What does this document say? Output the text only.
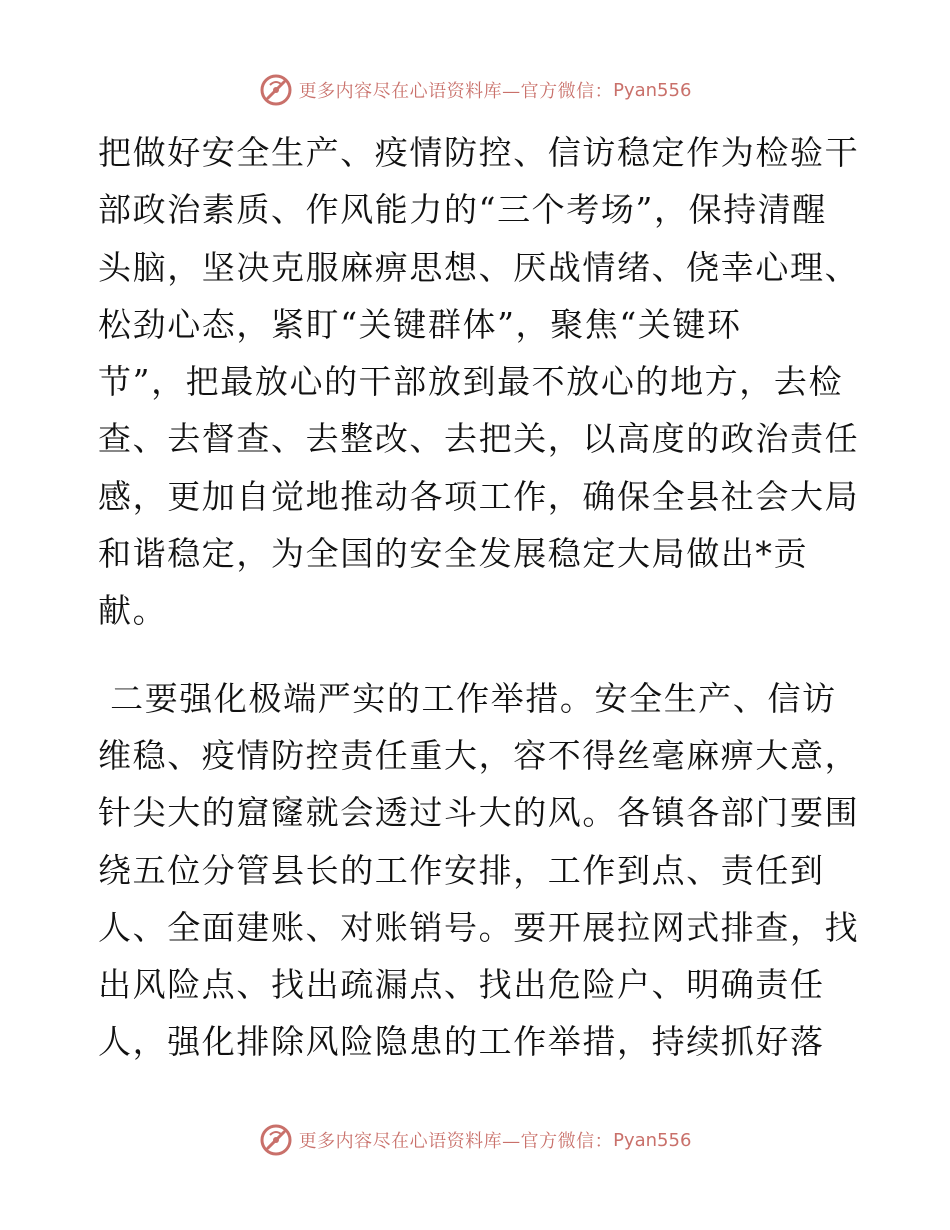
更多内容尽在心语资料库—官方微信： Pyan556
把做好安全生产、疫情防控、信访稳定作为检验干
部政治素质、作风能力的“三个考场”，保持清醒
头脑，坚决克服麻痹思想、厌战情绪、侥幸心理、
松劲心态，紧盯“关键群体”，聚焦“关键环
节”，把最放心的干部放到最不放心的地方，去检
查、去督查、去整改、去把关，以高度的政治责任
感，更加自觉地推动各项工作，确保全县社会大局
和谐稳定，为全国的安全发展稳定大局做出*贡
献。
二要强化极端严实的工作举措。安全生产、信访
维稳、疫情防控责任重大，容不得丝毫麻痹大意，
针尖大的窟窿就会透过斗大的风。各镇各部门要围
绕五位分管县长的工作安排，工作到点、责任到
人、全面建账、对账销号。要开展拉网式排查，找
出风险点、找出疏漏点、找出危险户、明确责任
人，强化排除风险隐患的工作举措，持续抓好落
更多内容尽在心语资料库—官方微信： Pyan556
